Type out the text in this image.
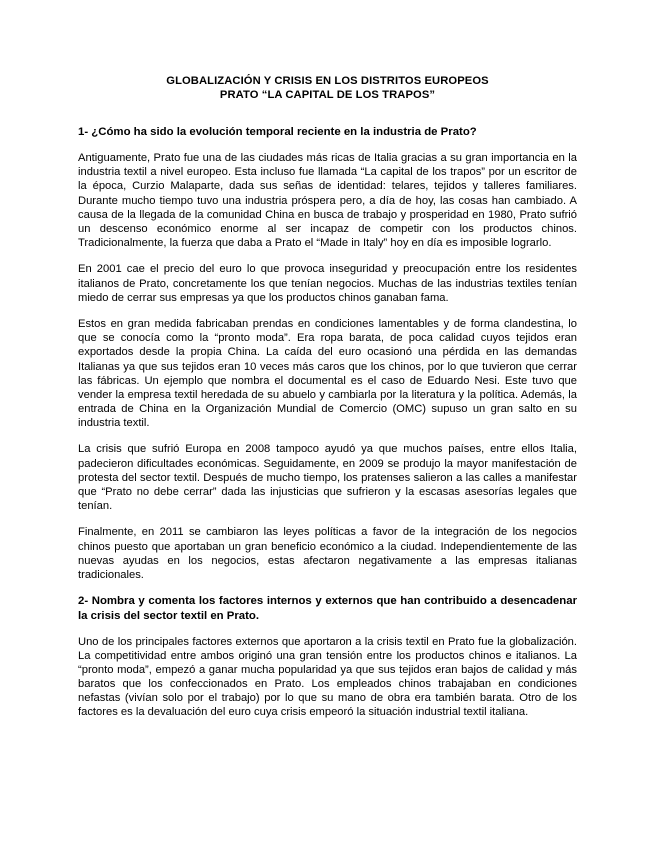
GLOBALIZACIÓN Y CRISIS EN LOS DISTRITOS EUROPEOS
PRATO “LA CAPITAL DE LOS TRAPOS”

1- ¿Cómo ha sido la evolución temporal reciente en la industria de Prato?

Antiguamente, Prato fue una de las ciudades más ricas de Italia gracias a su gran importancia en la industria textil a nivel europeo. Esta incluso fue llamada “La capital de los trapos” por un escritor de la época, Curzio Malaparte, dada sus señas de identidad: telares, tejidos y talleres familiares. Durante mucho tiempo tuvo una industria próspera pero, a día de hoy, las cosas han cambiado. A causa de la llegada de la comunidad China en busca de trabajo y prosperidad en 1980, Prato sufrió un descenso económico enorme al ser incapaz de competir con los productos chinos. Tradicionalmente, la fuerza que daba a Prato el “Made in Italy” hoy en día es imposible lograrlo.

En 2001 cae el precio del euro lo que provoca inseguridad y preocupación entre los residentes italianos de Prato, concretamente los que tenían negocios. Muchas de las industrias textiles tenían miedo de cerrar sus empresas ya que los productos chinos ganaban fama.

Estos en gran medida fabricaban prendas en condiciones lamentables y de forma clandestina, lo que se conocía como la “pronto moda”. Era ropa barata, de poca calidad cuyos tejidos eran exportados desde la propia China. La caída del euro ocasionó una pérdida en las demandas Italianas ya que sus tejidos eran 10 veces más caros que los chinos, por lo que tuvieron que cerrar las fábricas. Un ejemplo que nombra el documental es el caso de Eduardo Nesi. Este tuvo que vender la empresa textil heredada de su abuelo y cambiarla por la literatura y la política. Además, la entrada de China en la Organización Mundial de Comercio (OMC) supuso un gran salto en su industria textil.

La crisis que sufrió Europa en 2008 tampoco ayudó ya que muchos países, entre ellos Italia, padecieron dificultades económicas. Seguidamente, en 2009 se produjo la mayor manifestación de protesta del sector textil. Después de mucho tiempo, los pratenses salieron a las calles a manifestar que “Prato no debe cerrar” dada las injusticias que sufrieron y la escasas asesorías legales que tenían.

Finalmente, en 2011 se cambiaron las leyes políticas a favor de la integración de los negocios chinos puesto que aportaban un gran beneficio económico a la ciudad. Independientemente de las nuevas ayudas en los negocios, estas afectaron negativamente a las empresas italianas tradicionales.

2- Nombra y comenta los factores internos y externos que han contribuido a desencadenar la crisis del sector textil en Prato.

Uno de los principales factores externos que aportaron a la crisis textil en Prato fue la globalización. La competitividad entre ambos originó una gran tensión entre los productos chinos e italianos. La “pronto moda”, empezó a ganar mucha popularidad ya que sus tejidos eran bajos de calidad y más baratos que los confeccionados en Prato. Los empleados chinos trabajaban en condiciones nefastas (vivían solo por el trabajo) por lo que su mano de obra era también barata. Otro de los factores es la devaluación del euro cuya crisis empeoró la situación industrial textil italiana.
